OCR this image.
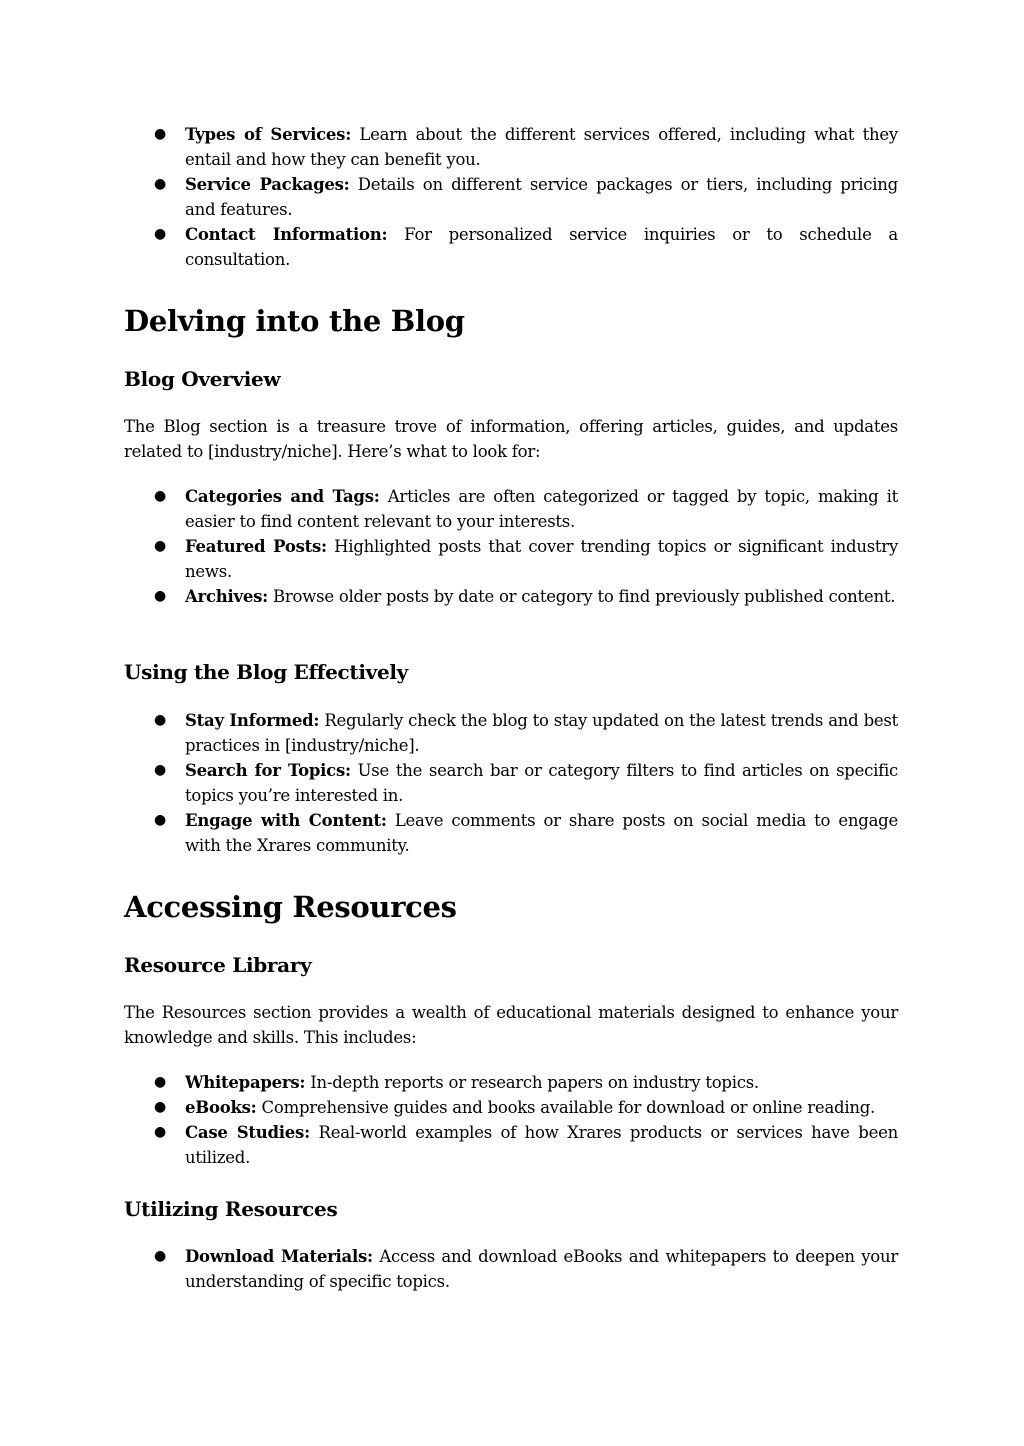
● Types of Services: Learn about the different services offered, including what they entail and how they can benefit you.
● Service Packages: Details on different service packages or tiers, including pricing and features.
● Contact Information: For personalized service inquiries or to schedule a consultation.
Delving into the Blog
Blog Overview

The Blog section is a treasure trove of information, offering articles, guides, and updates related to [industry/niche]. Here’s what to look for:

● Categories and Tags: Articles are often categorized or tagged by topic, making it easier to find content relevant to your interests.
● Featured Posts: Highlighted posts that cover trending topics or significant industry news.
● Archives: Browse older posts by date or category to find previously published content.
Using the Blog Effectively
● Stay Informed: Regularly check the blog to stay updated on the latest trends and best practices in [industry/niche].
● Search for Topics: Use the search bar or category filters to find articles on specific topics you’re interested in.
● Engage with Content: Leave comments or share posts on social media to engage with the Xrares community.
Accessing Resources
Resource Library

The Resources section provides a wealth of educational materials designed to enhance your knowledge and skills. This includes:

● Whitepapers: In-depth reports or research papers on industry topics.
● eBooks: Comprehensive guides and books available for download or online reading.
● Case Studies: Real-world examples of how Xrares products or services have been utilized.
Utilizing Resources
● Download Materials: Access and download eBooks and whitepapers to deepen your understanding of specific topics.
